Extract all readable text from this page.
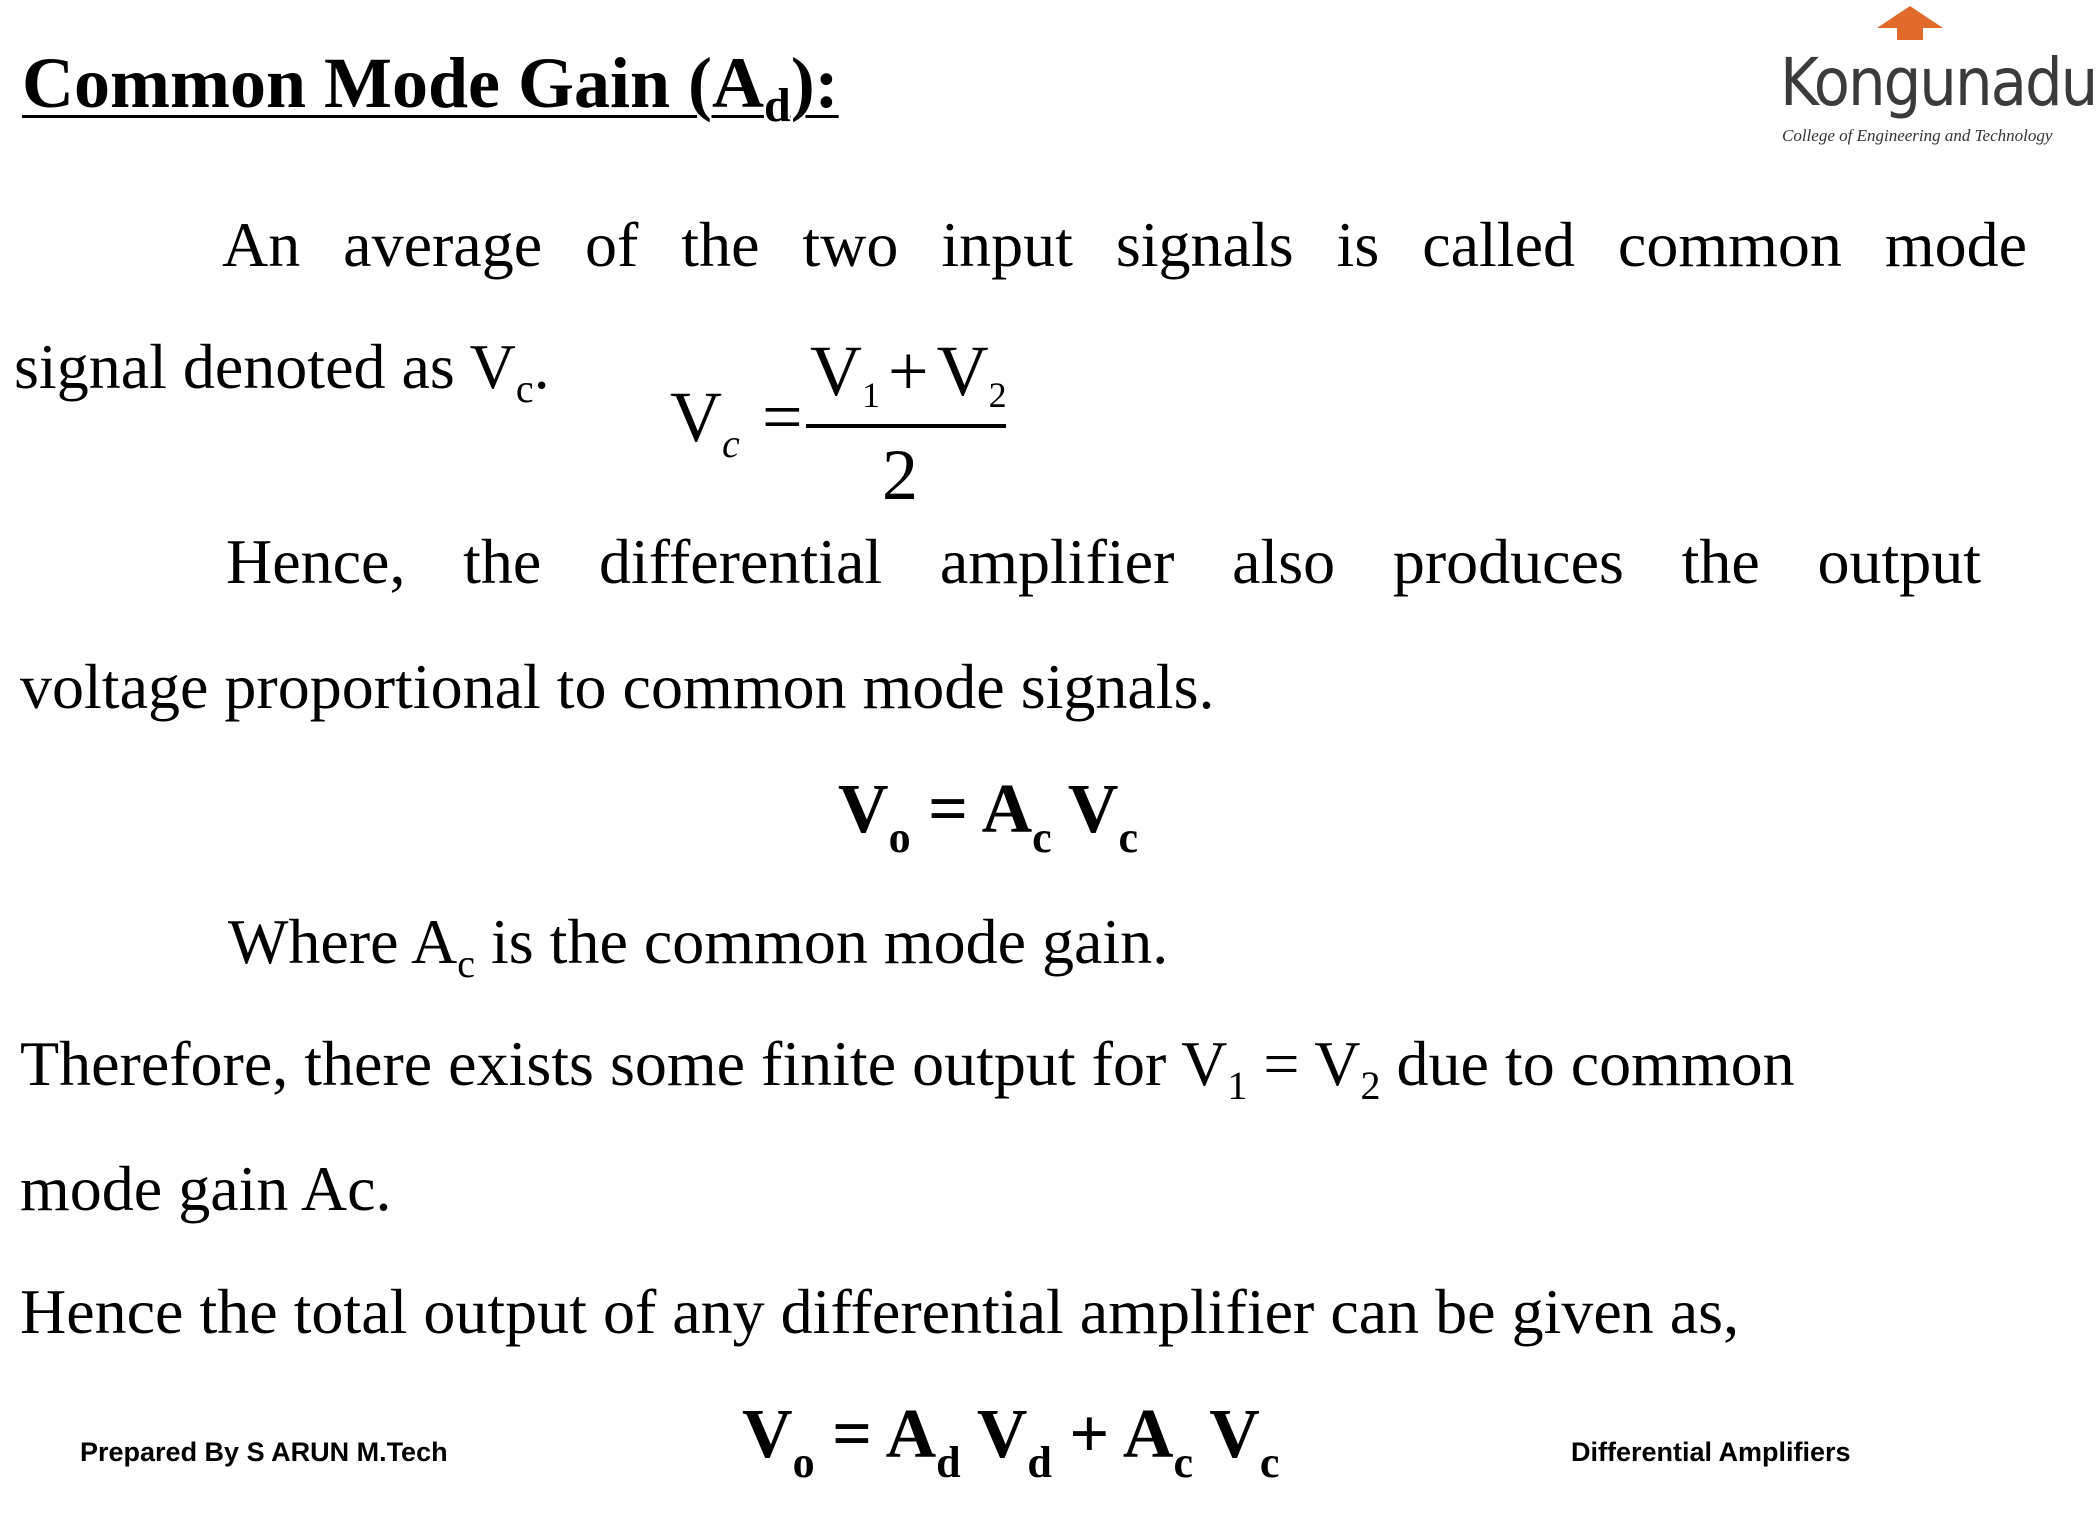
Common Mode Gain $(A_d)$:	Kongunadu
College of Engineering and Technology
An average of the two input signals is called common mode
signal denoted as $V_c$.
$V_c$ =
$V_1 + V_2$
2
Hence, the differential amplifier also produces the output
voltage proportional to common mode signals.
$V_o = A_c$ $V_c$
Where $A_c$ is the common mode gain.
Therefore, there exists some finite output for $V_1 = V_2$ due to common
mode gain Ac.
Hence the total output of any differential amplifier can be given as,
$V_o = A_d$ $V_d + A_c$ $V_c$
Prepared By S ARUN M.Tech	Differential Amplifiers
